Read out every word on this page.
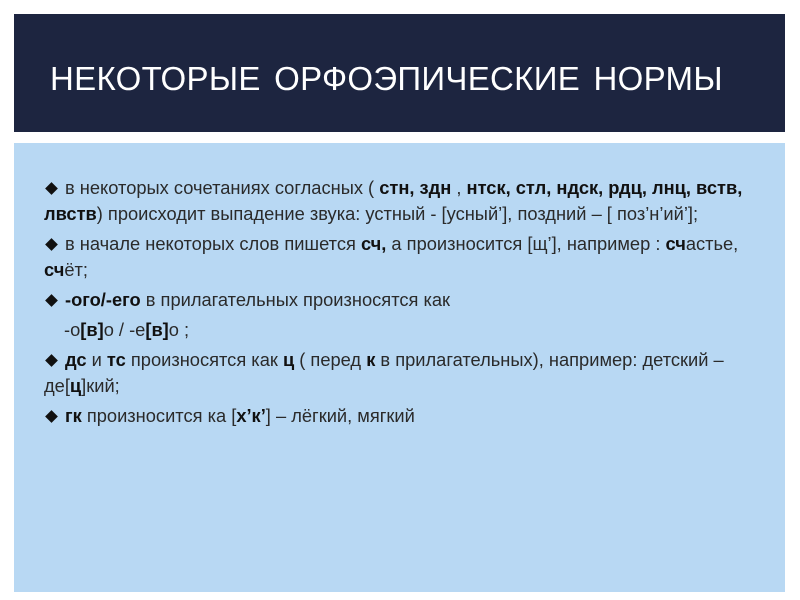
НЕКОТОРЫЕ ОРФОЭПИЧЕСКИЕ НОРМЫ

в некоторых сочетаниях согласных ( стн, здн , нтск, стл, ндск, рдц, лнц, вств, лвств) происходит выпадение звука: устный - [усный’], поздний – [ поз’н’ий’];

в начале некоторых слов пишется сч, а произносится [щ’], например : счастье, счёт;

-ого/-его в прилагательных произносятся как

-о[в]о / -е[в]о ;

дс и тс произносятся как ц ( перед к в прилагательных), например: детский – де[ц]кий;

гк произносится ка [х’к’] – лёгкий, мягкий
